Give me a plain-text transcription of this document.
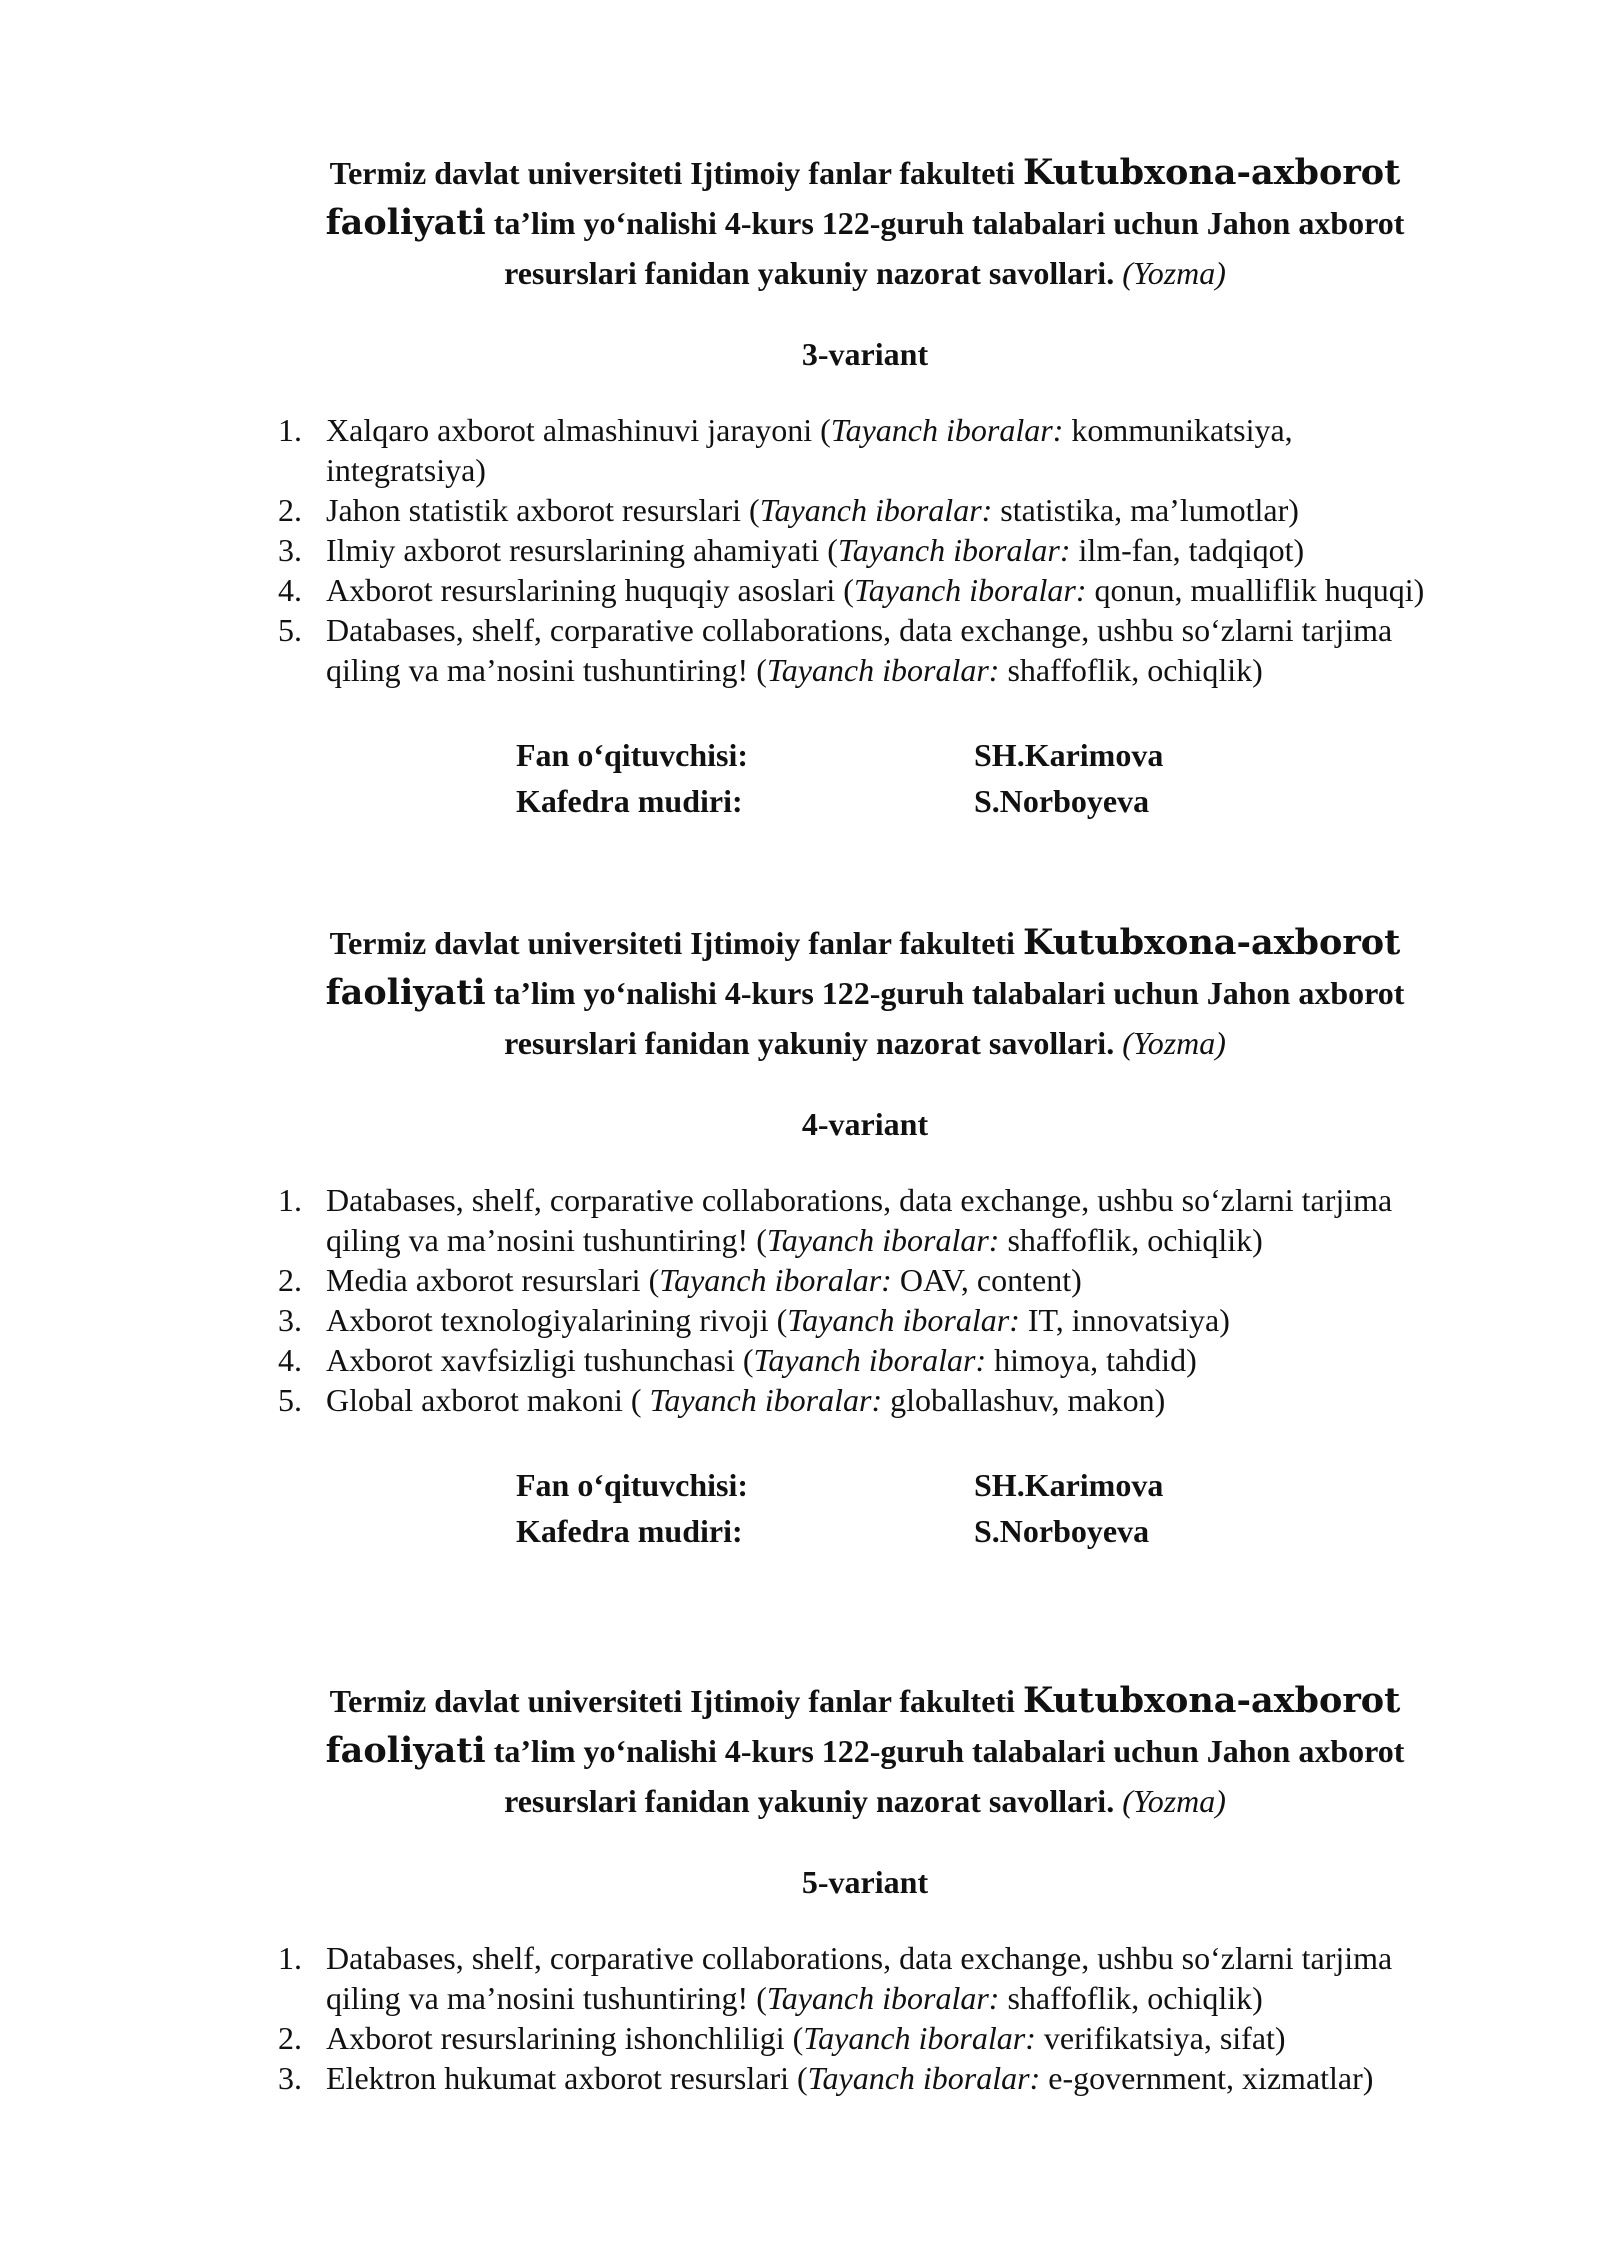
Termiz davlat universiteti Ijtimoiy fanlar fakulteti Kutubxona-axborot faoliyati ta’lim yo‘nalishi 4-kurs 122-guruh talabalari uchun Jahon axborot resurslari fanidan yakuniy nazorat savollari. (Yozma)

3-variant
1. Xalqaro axborot almashinuvi jarayoni (Tayanch iboralar: kommunikatsiya, integratsiya)
2. Jahon statistik axborot resurslari (Tayanch iboralar: statistika, ma’lumotlar)
3. Ilmiy axborot resurslarining ahamiyati (Tayanch iboralar: ilm-fan, tadqiqot)
4. Axborot resurslarining huquqiy asoslari (Tayanch iboralar: qonun, mualliflik huquqi)
5. Databases, shelf, corparative collaborations, data exchange, ushbu so‘zlarni tarjima qiling va ma’nosini tushuntiring! (Tayanch iboralar: shaffoflik, ochiqlik)
Fan o‘qituvchisi:	SH.Karimova
Kafedra mudiri:	S.Norboyeva

Termiz davlat universiteti Ijtimoiy fanlar fakulteti Kutubxona-axborot faoliyati ta’lim yo‘nalishi 4-kurs 122-guruh talabalari uchun Jahon axborot resurslari fanidan yakuniy nazorat savollari. (Yozma)

4-variant
1. Databases, shelf, corparative collaborations, data exchange, ushbu so‘zlarni tarjima qiling va ma’nosini tushuntiring! (Tayanch iboralar: shaffoflik, ochiqlik)
2. Media axborot resurslari (Tayanch iboralar: OAV, content)
3. Axborot texnologiyalarining rivoji (Tayanch iboralar: IT, innovatsiya)
4. Axborot xavfsizligi tushunchasi (Tayanch iboralar: himoya, tahdid)
5. Global axborot makoni ( Tayanch iboralar: globallashuv, makon)
Fan o‘qituvchisi:	SH.Karimova
Kafedra mudiri:	S.Norboyeva

Termiz davlat universiteti Ijtimoiy fanlar fakulteti Kutubxona-axborot faoliyati ta’lim yo‘nalishi 4-kurs 122-guruh talabalari uchun Jahon axborot resurslari fanidan yakuniy nazorat savollari. (Yozma)

5-variant
1. Databases, shelf, corparative collaborations, data exchange, ushbu so‘zlarni tarjima qiling va ma’nosini tushuntiring! (Tayanch iboralar: shaffoflik, ochiqlik)
2. Axborot resurslarining ishonchliligi (Tayanch iboralar: verifikatsiya, sifat)
3. Elektron hukumat axborot resurslari (Tayanch iboralar: e-government, xizmatlar)
